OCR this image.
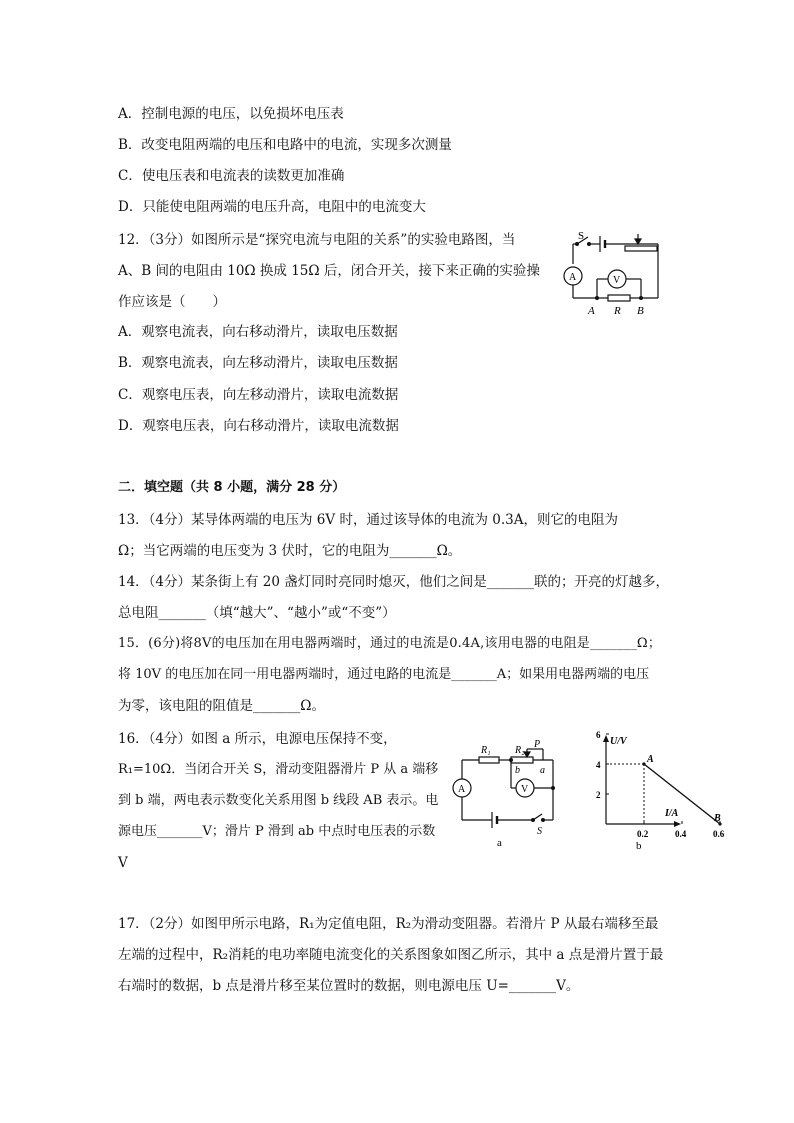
A．控制电源的电压，以免损坏电压表
B．改变电阻两端的电压和电路中的电流，实现多次测量
C．使电压表和电流表的读数更加准确
D．只能使电阻两端的电压升高，电阻中的电流变大
12．（3分）如图所示是“探究电流与电阻的关系”的实验电路图，当
A、B 间的电阻由 10Ω 换成 15Ω 后，闭合开关，接下来正确的实验操
作应该是（　　）
A．观察电流表，向右移动滑片，读取电压数据
B．观察电流表，向左移动滑片，读取电压数据
C．观察电压表，向左移动滑片，读取电流数据
D．观察电压表，向右移动滑片，读取电流数据
S
A	V
A R B
二．填空题（共 8 小题，满分 28 分）
13．（4分）某导体两端的电压为 6V 时，通过该导体的电流为 0.3A，则它的电阻为
Ω；当它两端的电压变为 3 伏时，它的电阻为_______Ω。
14．（4分）某条街上有 20 盏灯同时亮同时熄灭，他们之间是_______联的；开亮的灯越多，
总电阻_______（填“越大”、“越小”或“不变”）
15．(6分)将8V的电压加在用电器两端时，通过的电流是0.4A,该用电器的电阻是_______Ω；
将 10V 的电压加在同一用电器两端时，通过电路的电流是_______A；如果用电器两端的电压
为零，该电阻的阻值是_______Ω。
16．（4分）如图 a 所示，电源电压保持不变，
R₁=10Ω．当闭合开关 S，滑动变阻器滑片 P 从 a 端移
到 b 端，两电表示数变化关系用图 b 线段 AB 表示。电
源电压_______V；滑片 P 滑到 ab 中点时电压表的示数
V
R₁ R₂
P
b a
A	V
S
a
U/V
I/A
b
2
4
6
0.2	0.4	0.6
A
B
17．（2分）如图甲所示电路，R₁为定值电阻，R₂为滑动变阻器。若滑片 P 从最右端移至最
左端的过程中，R₂消耗的电功率随电流变化的关系图象如图乙所示，其中 a 点是滑片置于最
右端时的数据，b 点是滑片移至某位置时的数据，则电源电压 U=_______V。
